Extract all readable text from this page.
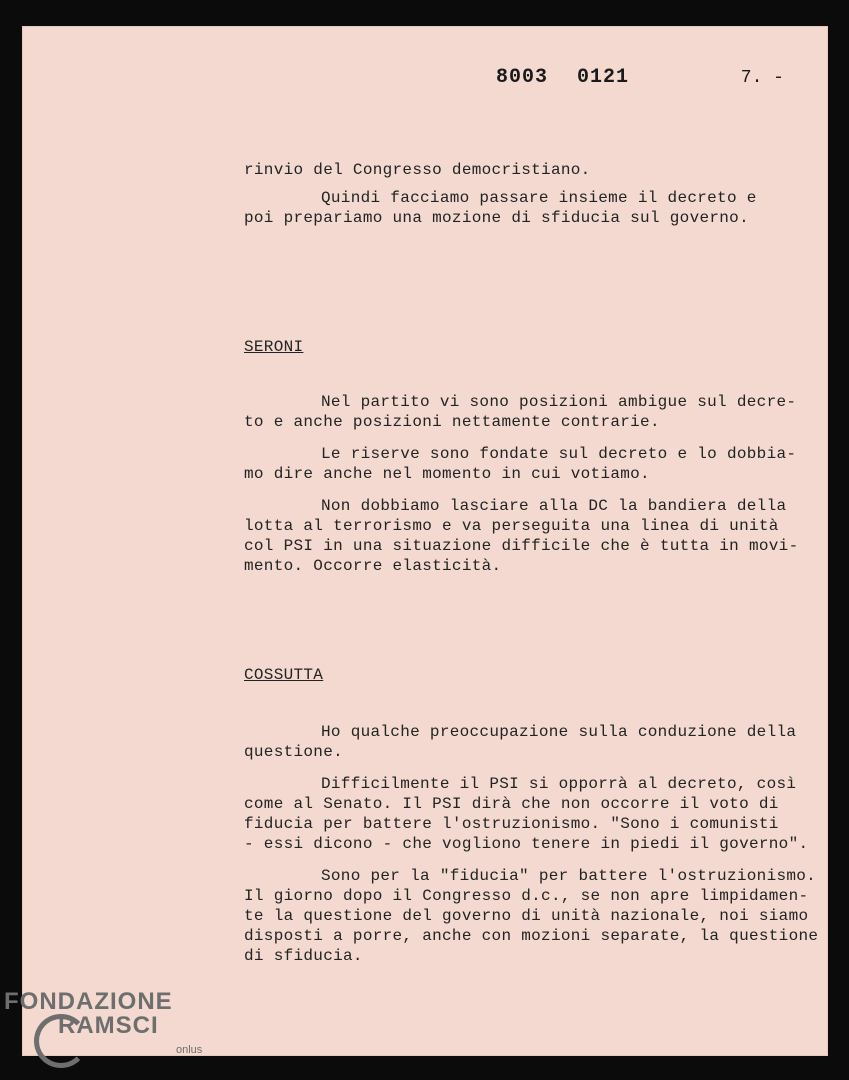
8003 0121	7. -
rinvio del Congresso democristiano.
Quindi facciamo passare insieme il decreto e
poi prepariamo una mozione di sfiducia sul governo.
SERONI
Nel partito vi sono posizioni ambigue sul decre-
to e anche posizioni nettamente contrarie.
Le riserve sono fondate sul decreto e lo dobbia-
mo dire anche nel momento in cui votiamo.
Non dobbiamo lasciare alla DC la bandiera della
lotta al terrorismo e va perseguita una linea di unità
col PSI in una situazione difficile che è tutta in movi-
mento. Occorre elasticità.
COSSUTTA
Ho qualche preoccupazione sulla conduzione della
questione.
Difficilmente il PSI si opporrà al decreto, così
come al Senato. Il PSI dirà che non occorre il voto di
fiducia per battere l'ostruzionismo. "Sono i comunisti
- essi dicono - che vogliono tenere in piedi il governo".
Sono per la "fiducia" per battere l'ostruzionismo.
Il giorno dopo il Congresso d.c., se non apre limpidamen-
te la questione del governo di unità nazionale, noi siamo
disposti a porre, anche con mozioni separate, la questione
di sfiducia.
FONDAZIONE
RAMSCI
onlus
